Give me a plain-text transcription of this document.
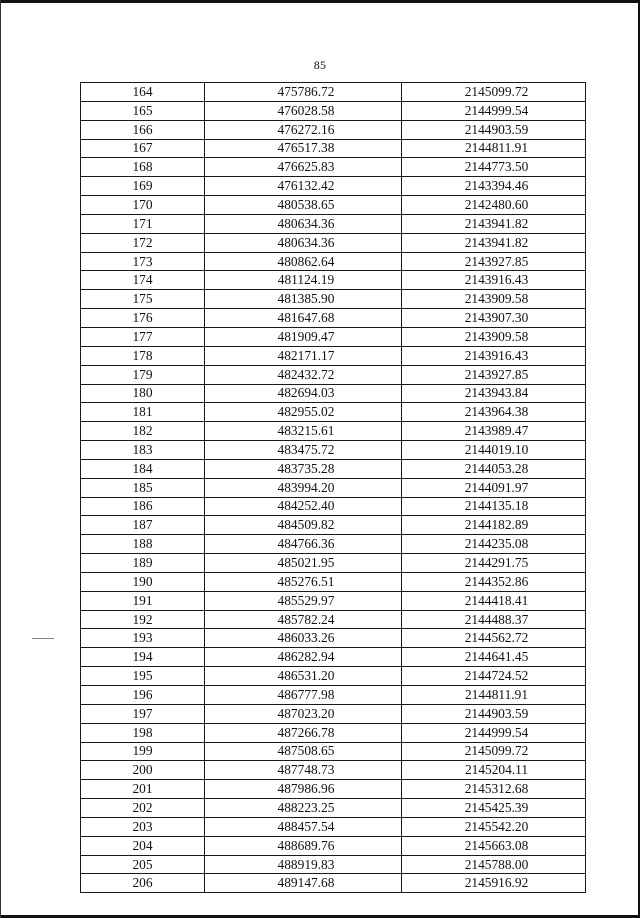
85
164	475786.72	2145099.72
165	476028.58	2144999.54
166	476272.16	2144903.59
167	476517.38	2144811.91
168	476625.83	2144773.50
169	476132.42	2143394.46
170	480538.65	2142480.60
171	480634.36	2143941.82
172	480634.36	2143941.82
173	480862.64	2143927.85
174	481124.19	2143916.43
175	481385.90	2143909.58
176	481647.68	2143907.30
177	481909.47	2143909.58
178	482171.17	2143916.43
179	482432.72	2143927.85
180	482694.03	2143943.84
181	482955.02	2143964.38
182	483215.61	2143989.47
183	483475.72	2144019.10
184	483735.28	2144053.28
185	483994.20	2144091.97
186	484252.40	2144135.18
187	484509.82	2144182.89
188	484766.36	2144235.08
189	485021.95	2144291.75
190	485276.51	2144352.86
191	485529.97	2144418.41
192	485782.24	2144488.37
193	486033.26	2144562.72
194	486282.94	2144641.45
195	486531.20	2144724.52
196	486777.98	2144811.91
197	487023.20	2144903.59
198	487266.78	2144999.54
199	487508.65	2145099.72
200	487748.73	2145204.11
201	487986.96	2145312.68
202	488223.25	2145425.39
203	488457.54	2145542.20
204	488689.76	2145663.08
205	488919.83	2145788.00
206	489147.68	2145916.92
